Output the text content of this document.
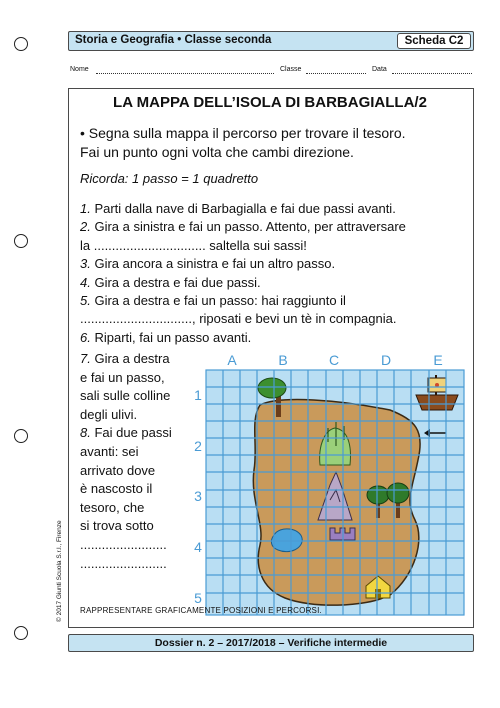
Storia e Geografia • Classe seconda	Scheda C2
Nome	Classe	Data
LA MAPPA DELL’ISOLA DI BARBAGIALLA/2
• Segna sulla mappa il percorso per trovare il tesoro.
Fai un punto ogni volta che cambi direzione.
Ricorda: 1 passo = 1 quadretto
1. Parti dalla nave di Barbagialla e fai due passi avanti.
2. Gira a sinistra e fai un passo. Attento, per attraversare
la ............................... saltella sui sassi!
3. Gira ancora a sinistra e fai un altro passo.
4. Gira a destra e fai due passi.
5. Gira a destra e fai un passo: hai raggiunto il
..............................., riposati e bevi un tè in compagnia.
6. Riparti, fai un passo avanti.
7. Gira a destra
e fai un passo,
sali sulle colline
degli ulivi.
8. Fai due passi
avanti: sei
arrivato dove
è nascosto il
tesoro, che
si trova sotto
........................
........................
A	B	C	D	E
1
2
3
4
5
RAPPRESENTARE GRAFICAMENTE POSIZIONI E PERCORSI.
Dossier n. 2 – 2017/2018 – Verifiche intermedie
© 2017 Giunti Scuola S.r.l., Firenze
